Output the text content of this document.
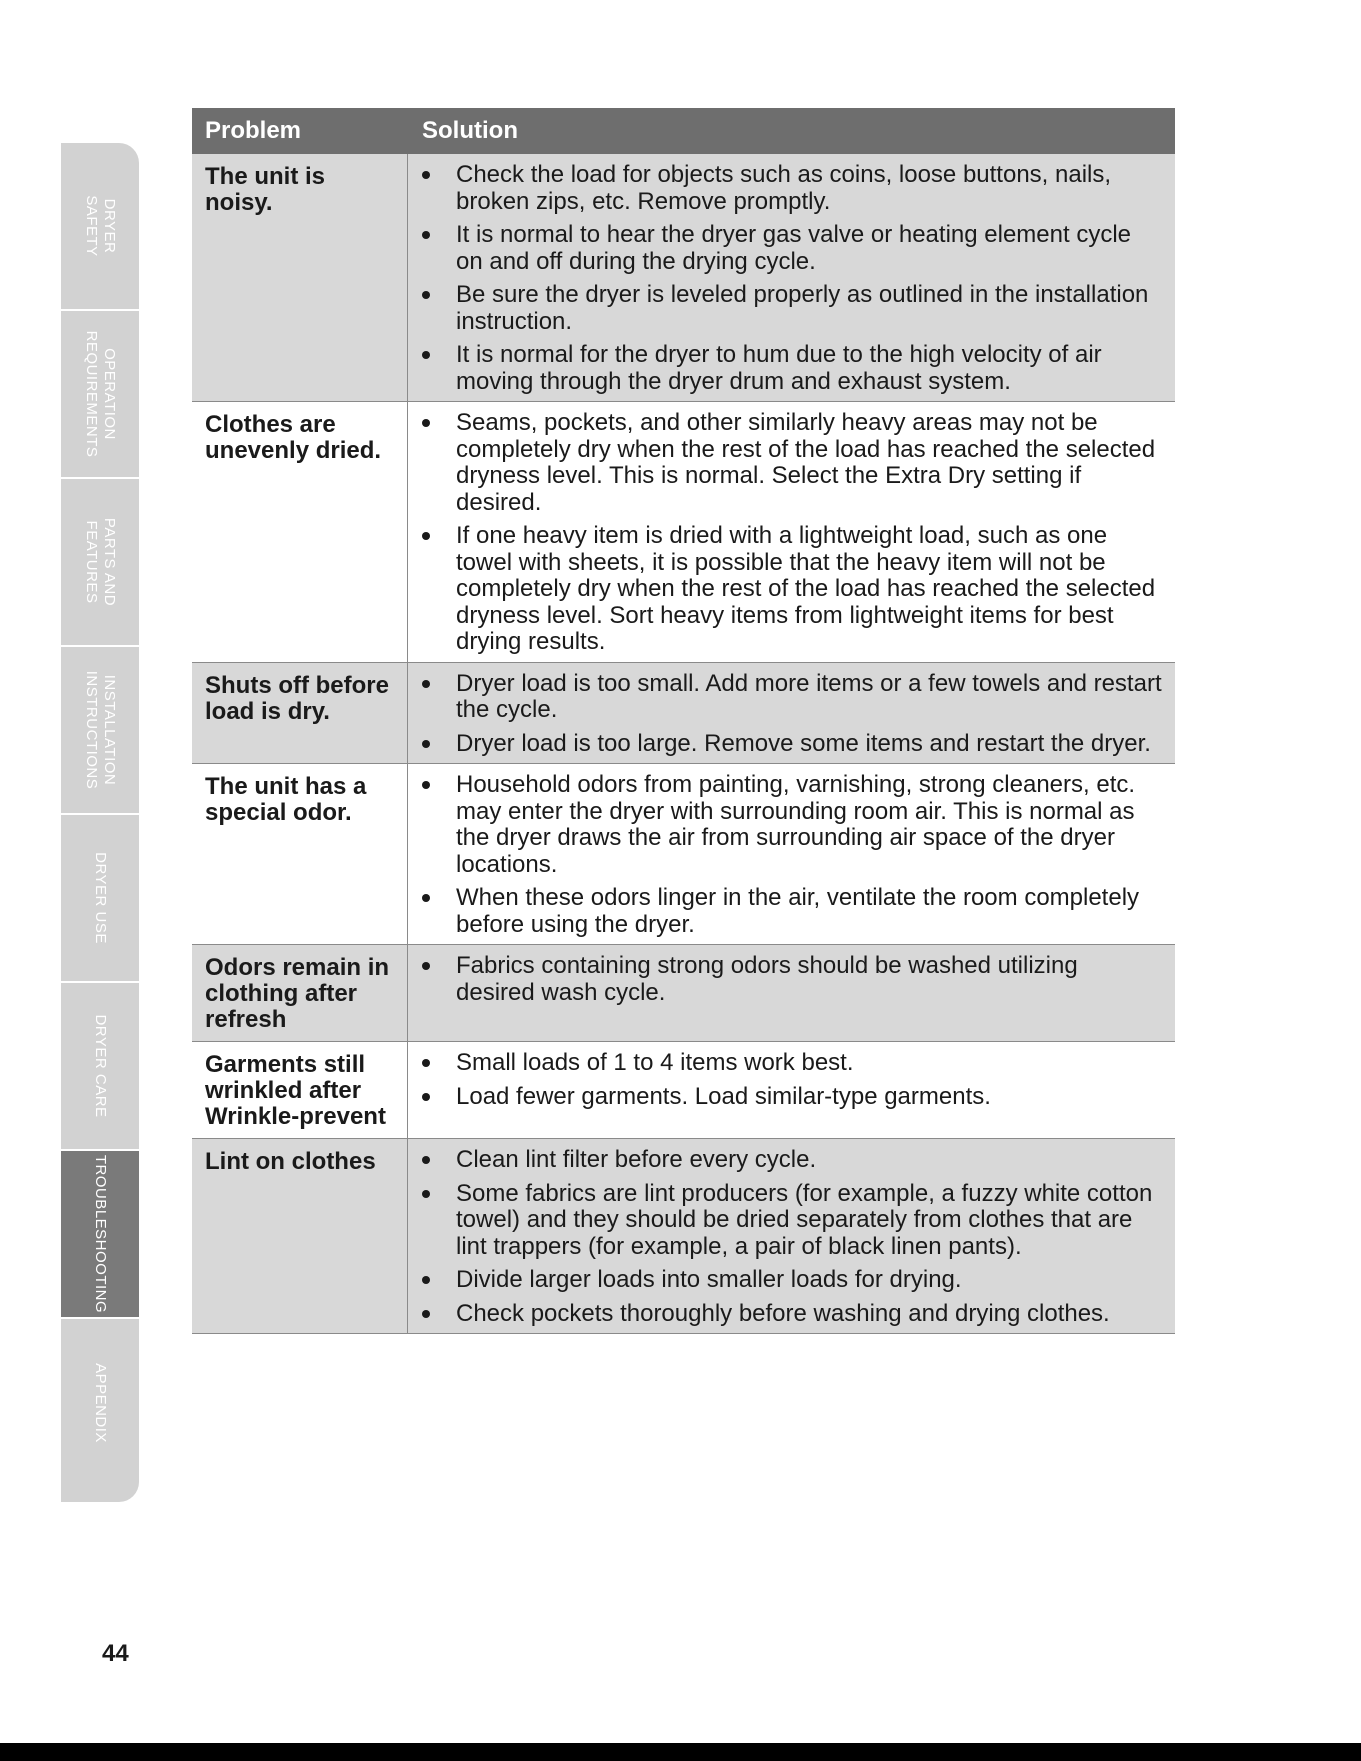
DRYER
SAFETY
OPERATION
REQUIREMENTS
PARTS AND
FEATURES
INSTALLATION
INSTRUCTIONS
DRYER USE
DRYER CARE
TROUBLESHOOTING
APPENDIX
Problem	Solution
The unit is noisy.
Check the load for objects such as coins, loose buttons, nails, broken zips, etc. Remove promptly.
It is normal to hear the dryer gas valve or heating element cycle on and off during the drying cycle.
Be sure the dryer is leveled properly as outlined in the installation instruction.
It is normal for the dryer to hum due to the high velocity of air moving through the dryer drum and exhaust system.
Clothes are unevenly dried.
Seams, pockets, and other similarly heavy areas may not be completely dry when the rest of the load has reached the selected dryness level. This is normal. Select the Extra Dry setting if desired.
If one heavy item is dried with a lightweight load, such as one towel with sheets, it is possible that the heavy item will not be completely dry when the rest of the load has reached the selected dryness level. Sort heavy items from lightweight items for best drying results.
Shuts off before load is dry.
Dryer load is too small. Add more items or a few towels and restart the cycle.
Dryer load is too large. Remove some items and restart the dryer.
The unit has a special odor.
Household odors from painting, varnishing, strong cleaners, etc. may enter the dryer with surrounding room air. This is normal as the dryer draws the air from surrounding air space of the dryer locations.
When these odors linger in the air, ventilate the room completely before using the dryer.
Odors remain in clothing after refresh
Fabrics containing strong odors should be washed utilizing desired wash cycle.
Garments still wrinkled after Wrinkle-prevent
Small loads of 1 to 4 items work best.
Load fewer garments. Load similar-type garments.
Lint on clothes	Clean lint filter before every cycle.
Some fabrics are lint producers (for example, a fuzzy white cotton towel) and they should be dried separately from clothes that are lint trappers (for example, a pair of black linen pants).
Divide larger loads into smaller loads for drying.
Check pockets thoroughly before washing and drying clothes.
44
